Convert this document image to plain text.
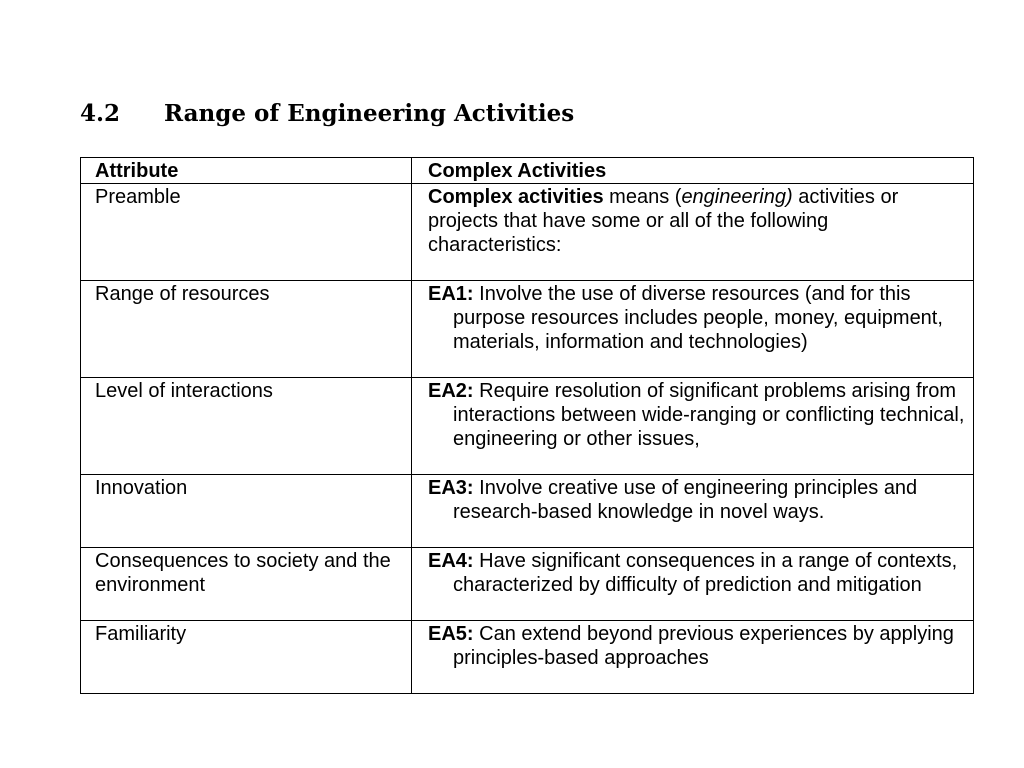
4.2 Range of Engineering Activities
Attribute	Complex Activities
Preamble	Complex activities means (engineering) activities or projects that have some or all of the following characteristics:
Range of resources	EA1: Involve the use of diverse resources (and for this purpose resources includes people, money, equipment, materials, information and technologies)

Level of interactions	EA2: Require resolution of significant problems arising from interactions between wide-ranging or conflicting technical, engineering or other issues,

Innovation	EA3: Involve creative use of engineering principles and research-based knowledge in novel ways.

Consequences to society and the environment	EA4: Have significant consequences in a range of contexts, characterized by difficulty of prediction and mitigation

Familiarity	EA5: Can extend beyond previous experiences by applying principles-based approaches
